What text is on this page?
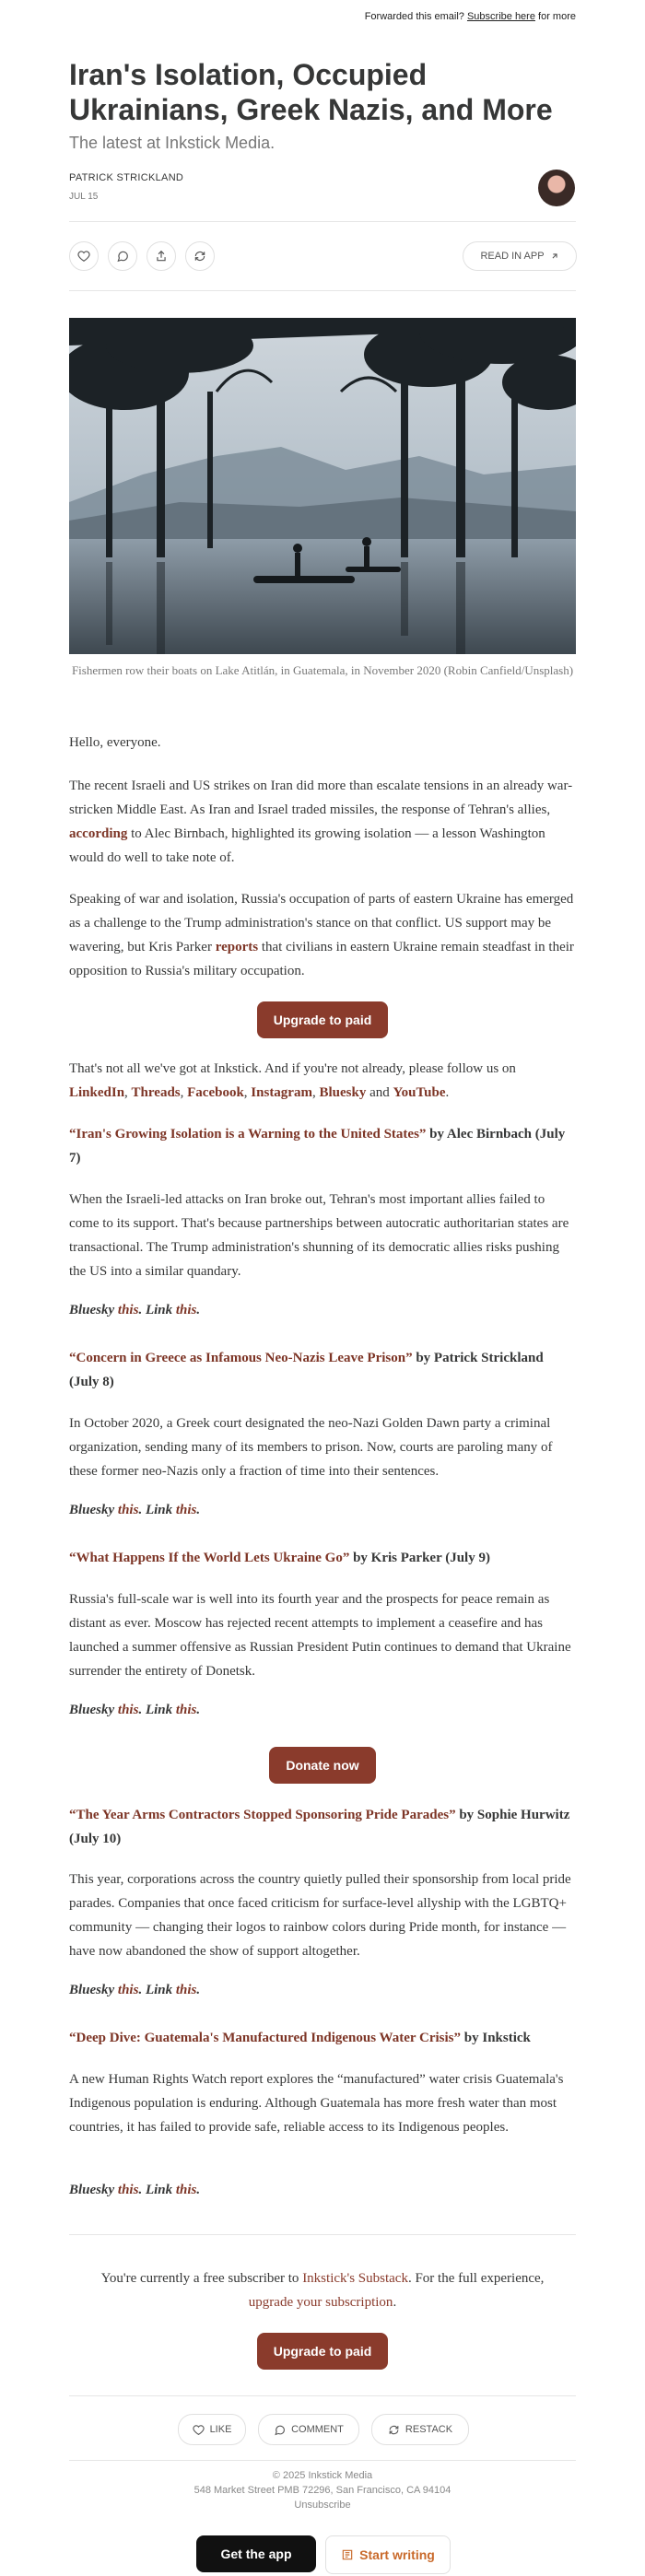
Forwarded this email? Subscribe here for more
Iran's Isolation, Occupied Ukrainians, Greek Nazis, and More
The latest at Inkstick Media.
PATRICK STRICKLAND
JUL 15
READ IN APP
Fishermen row their boats on Lake Atitlán, in Guatemala, in November 2020 (Robin Canfield/Unsplash)

Hello, everyone.

The recent Israeli and US strikes on Iran did more than escalate tensions in an already war-stricken Middle East. As Iran and Israel traded missiles, the response of Tehran's allies, according to Alec Birnbach, highlighted its growing isolation — a lesson Washington would do well to take note of.

Speaking of war and isolation, Russia's occupation of parts of eastern Ukraine has emerged as a challenge to the Trump administration's stance on that conflict. US support may be wavering, but Kris Parker reports that civilians in eastern Ukraine remain steadfast in their opposition to Russia's military occupation.

Upgrade to paid

That's not all we've got at Inkstick. And if you're not already, please follow us on LinkedIn, Threads, Facebook, Instagram, Bluesky and YouTube.

“Iran's Growing Isolation is a Warning to the United States” by Alec Birnbach (July 7)

When the Israeli-led attacks on Iran broke out, Tehran's most important allies failed to come to its support. That's because partnerships between autocratic authoritarian states are transactional. The Trump administration's shunning of its democratic allies risks pushing the US into a similar quandary.

Bluesky this. Link this.
“Concern in Greece as Infamous Neo-Nazis Leave Prison” by Patrick Strickland (July 8)

In October 2020, a Greek court designated the neo-Nazi Golden Dawn party a criminal organization, sending many of its members to prison. Now, courts are paroling many of these former neo-Nazis only a fraction of time into their sentences.

Bluesky this. Link this.
“What Happens If the World Lets Ukraine Go” by Kris Parker (July 9)

Russia's full-scale war is well into its fourth year and the prospects for peace remain as distant as ever. Moscow has rejected recent attempts to implement a ceasefire and has launched a summer offensive as Russian President Putin continues to demand that Ukraine surrender the entirety of Donetsk.

Bluesky this. Link this.
Donate now
“The Year Arms Contractors Stopped Sponsoring Pride Parades” by Sophie Hurwitz (July 10)

This year, corporations across the country quietly pulled their sponsorship from local pride parades. Companies that once faced criticism for surface-level allyship with the LGBTQ+ community — changing their logos to rainbow colors during Pride month, for instance — have now abandoned the show of support altogether.

Bluesky this. Link this.
“Deep Dive: Guatemala's Manufactured Indigenous Water Crisis” by Inkstick

A new Human Rights Watch report explores the “manufactured” water crisis Guatemala's Indigenous population is enduring. Although Guatemala has more fresh water than most countries, it has failed to provide safe, reliable access to its Indigenous peoples.

Bluesky this. Link this.
You're currently a free subscriber to Inkstick's Substack. For the full experience, upgrade your subscription.
Upgrade to paid
LIKE	COMMENT	RESTACK
© 2025 Inkstick Media
548 Market Street PMB 72296, San Francisco, CA 94104
Unsubscribe
Get the app	Start writing
